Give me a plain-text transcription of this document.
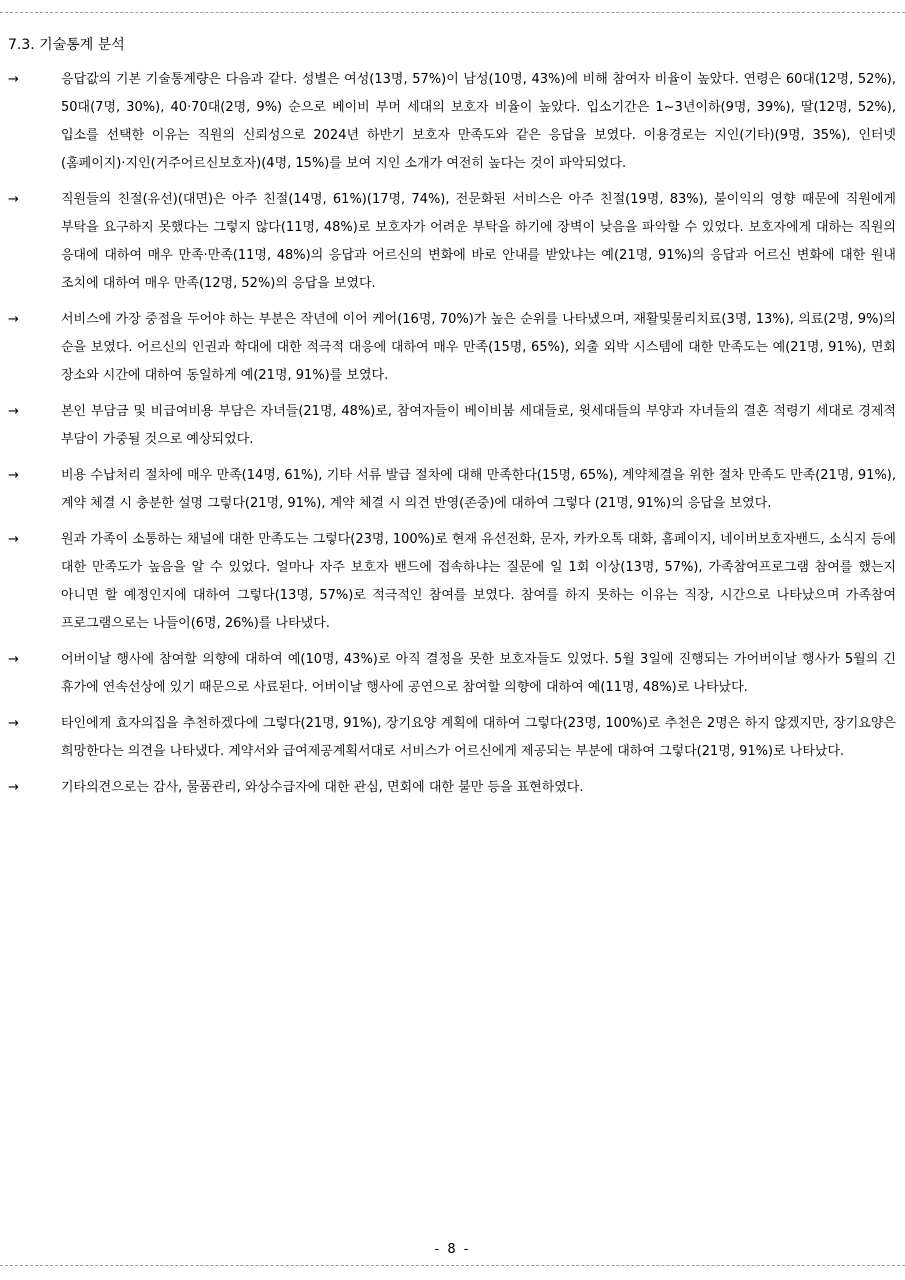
7.3. 기술통계 분석
→	응답값의 기본 기술통계량은 다음과 같다. 성별은 여성(13명, 57%)이 남성(10명, 43%)에 비해 참여자 비율이 높았다. 연령은 60대(12명, 52%), 50대(7명, 30%), 40·70대(2명, 9%) 순으로 베이비 부머 세대의 보호자 비율이 높았다. 입소기간은 1~3년이하(9명, 39%), 딸(12명, 52%), 입소를 선택한 이유는 직원의 신뢰성으로 2024년 하반기 보호자 만족도와 같은 응답을 보였다. 이용경로는 지인(기타)(9명, 35%), 인터넷(홈페이지)·지인(거주어르신보호자)(4명, 15%)를 보여 지인 소개가 여전히 높다는 것이 파악되었다.
→	직원들의 친절(유선)(대면)은 아주 친절(14명, 61%)(17명, 74%), 전문화된 서비스은 아주 친절(19명, 83%), 불이익의 영향 때문에 직원에게 부탁을 요구하지 못했다는 그렇지 않다(11명, 48%)로 보호자가 어려운 부탁을 하기에 장벽이 낮음을 파악할 수 있었다. 보호자에게 대하는 직원의 응대에 대하여 매우 만족·만족(11명, 48%)의 응답과 어르신의 변화에 바로 안내를 받았냐는 예(21명, 91%)의 응답과 어르신 변화에 대한 원내 조치에 대하여 매우 만족(12명, 52%)의 응답을 보였다.
→	서비스에 가장 중점을 두어야 하는 부분은 작년에 이어 케어(16명, 70%)가 높은 순위를 나타냈으며, 재활및물리치료(3명, 13%), 의료(2명, 9%)의 순을 보였다. 어르신의 인권과 학대에 대한 적극적 대응에 대하여 매우 만족(15명, 65%), 외출 외박 시스템에 대한 만족도는 예(21명, 91%), 면회 장소와 시간에 대하여 동일하게 예(21명, 91%)를 보였다.
→	본인 부담금 및 비급여비용 부담은 자녀들(21명, 48%)로, 참여자들이 베이비붐 세대들로, 윗세대들의 부양과 자녀들의 결혼 적령기 세대로 경제적 부담이 가중될 것으로 예상되었다.
→	비용 수납처리 절차에 매우 만족(14명, 61%), 기타 서류 발급 절차에 대해 만족한다(15명, 65%), 계약체결을 위한 절차 만족도 만족(21명, 91%), 계약 체결 시 충분한 설명 그렇다(21명, 91%), 계약 체결 시 의견 반영(존중)에 대하여 그렇다 (21명, 91%)의 응답을 보였다.
→	원과 가족이 소통하는 채널에 대한 만족도는 그렇다(23명, 100%)로 현재 유선전화, 문자, 카카오톡 대화, 홈페이지, 네이버보호자밴드, 소식지 등에 대한 만족도가 높음을 알 수 있었다. 얼마나 자주 보호자 밴드에 접속하냐는 질문에 일 1회 이상(13명, 57%), 가족참여프로그램 참여를 했는지 아니면 할 예정인지에 대하여 그렇다(13명, 57%)로 적극적인 참여를 보였다. 참여를 하지 못하는 이유는 직장, 시간으로 나타났으며 가족참여 프로그램으로는 나들이(6명, 26%)를 나타냈다.
→	어버이날 행사에 참여할 의향에 대하여 예(10명, 43%)로 아직 결정을 못한 보호자들도 있었다. 5월 3일에 진행되는 가어버이날 행사가 5월의 긴 휴가에 연속선상에 있기 때문으로 사료된다. 어버이날 행사에 공연으로 참여할 의향에 대하여 예(11명, 48%)로 나타났다.
→	타인에게 효자의집을 추천하겠다에 그렇다(21명, 91%), 장기요양 계획에 대하여 그렇다(23명, 100%)로 추천은 2명은 하지 않겠지만, 장기요양은 희망한다는 의견을 나타냈다. 계약서와 급여제공계획서대로 서비스가 어르신에게 제공되는 부분에 대하여 그렇다(21명, 91%)로 나타났다.
→	기타의견으로는 감사, 물품관리, 와상수급자에 대한 관심, 면회에 대한 불만 등을 표현하였다.
- 8 -
